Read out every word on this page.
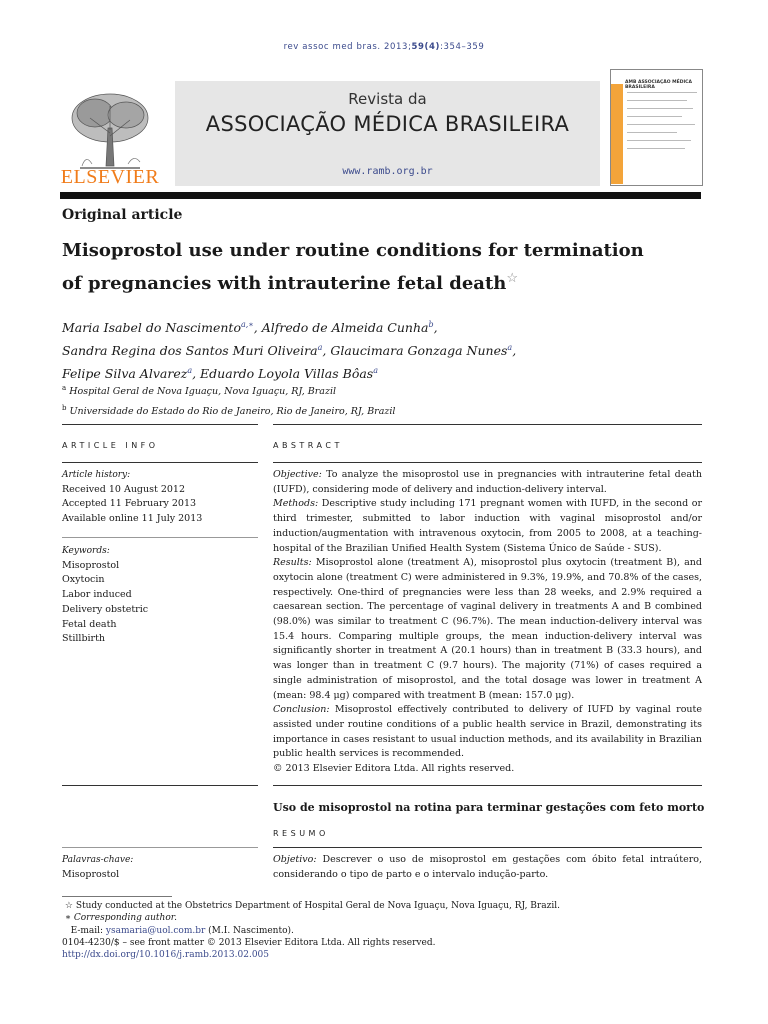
rev assoc med bras. 2013;59(4):354–359
ELSEVIER
Revista da
ASSOCIAÇÃO MÉDICA BRASILEIRA
www.ramb.org.br
AMB ASSOCIAÇÃO MÉDICA BRASILEIRA
Original article
Misoprostol use under routine conditions for termination
of pregnancies with intrauterine fetal death☆
Maria Isabel do Nascimento$^{a,∗}$, Alfredo de Almeida Cunha$^b$,
Sandra Regina dos Santos Muri Oliveira$^a$, Glaucimara Gonzaga Nunes$^a$,
Felipe Silva Alvarez$^a$, Eduardo Loyola Villas Bôas$^a$
$^a$ Hospital Geral de Nova Iguaçu, Nova Iguaçu, RJ, Brazil
$^b$ Universidade do Estado do Rio de Janeiro, Rio de Janeiro, RJ, Brazil
ARTICLE INFO
Article history:
Received 10 August 2012
Accepted 11 February 2013
Available online 11 July 2013
Keywords:
Misoprostol
Oxytocin
Labor induced
Delivery obstetric
Fetal death
Stillbirth
Palavras-chave:
Misoprostol
ABSTRACT

Objective: To analyze the misoprostol use in pregnancies with intrauterine fetal death (IUFD), considering mode of delivery and induction-delivery interval.

Methods: Descriptive study including 171 pregnant women with IUFD, in the second or third trimester, submitted to labor induction with vaginal misoprostol and/or induction/augmentation with intravenous oxytocin, from 2005 to 2008, at a teaching-hospital of the Brazilian Unified Health System (Sistema Único de Saúde - SUS).

Results: Misoprostol alone (treatment A), misoprostol plus oxytocin (treatment B), and oxytocin alone (treatment C) were administered in 9.3%, 19.9%, and 70.8% of the cases, respectively. One-third of pregnancies were less than 28 weeks, and 2.9% required a caesarean section. The percentage of vaginal delivery in treatments A and B combined (98.0%) was similar to treatment C (96.7%). The mean induction-delivery interval was 15.4 hours. Comparing multiple groups, the mean induction-delivery interval was significantly shorter in treatment A (20.1 hours) than in treatment B (33.3 hours), and was longer than in treatment C (9.7 hours). The majority (71%) of cases required a single administration of misoprostol, and the total dosage was lower in treatment A (mean: 98.4 μg) compared with treatment B (mean: 157.0 μg).

Conclusion: Misoprostol effectively contributed to delivery of IUFD by vaginal route assisted under routine conditions of a public health service in Brazil, demonstrating its importance in cases resistant to usual induction methods, and its availability in Brazilian public health services is recommended.

© 2013 Elsevier Editora Ltda. All rights reserved.

Uso de misoprostol na rotina para terminar gestações com feto morto
RESUMO

Objetivo: Descrever o uso de misoprostol em gestações com óbito fetal intraútero, considerando o tipo de parto e o intervalo indução-parto.

☆ Study conducted at the Obstetrics Department of Hospital Geral de Nova Iguaçu, Nova Iguaçu, RJ, Brazil.
∗ Corresponding author.
E-mail: ysamaria@uol.com.br (M.I. Nascimento).
0104-4230/$ – see front matter © 2013 Elsevier Editora Ltda. All rights reserved.
http://dx.doi.org/10.1016/j.ramb.2013.02.005
